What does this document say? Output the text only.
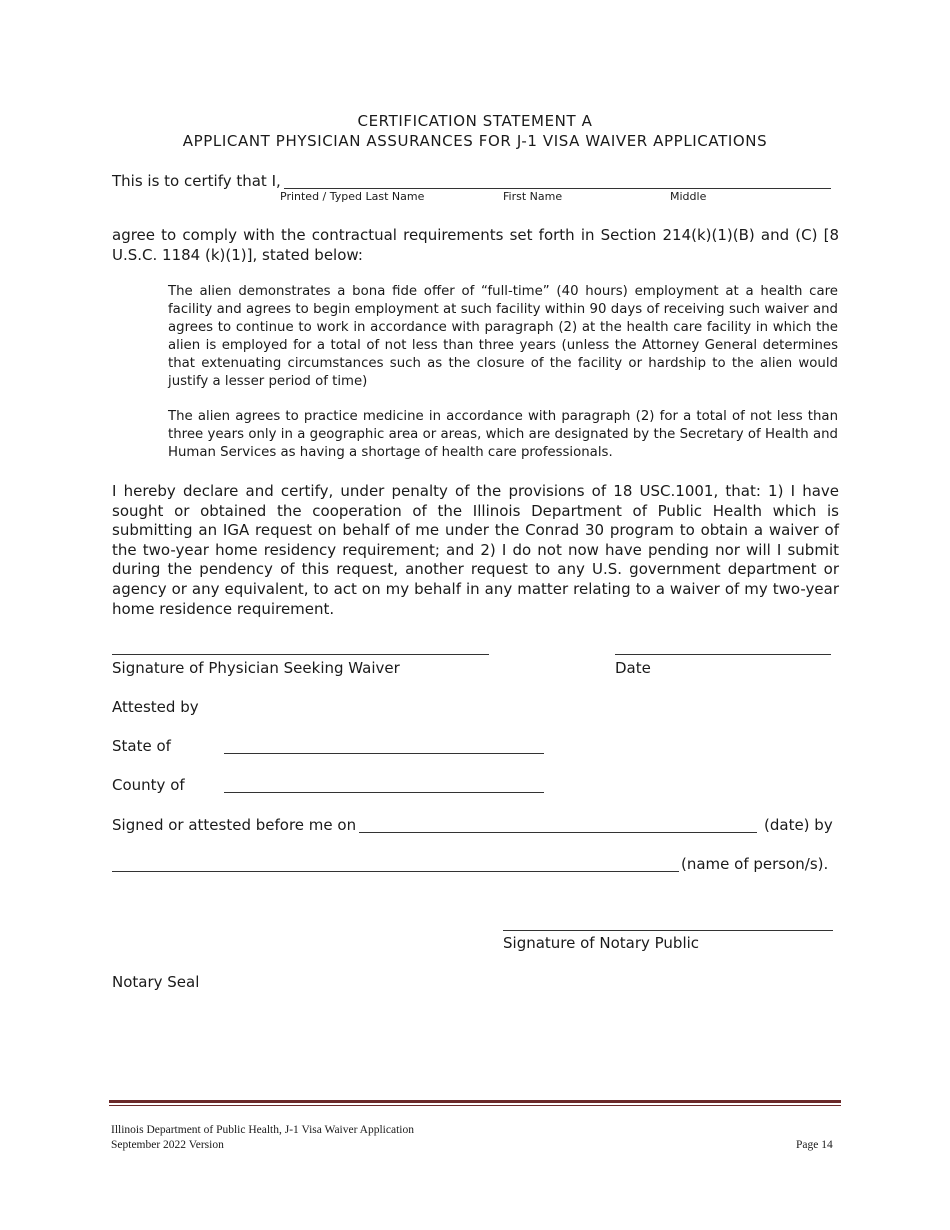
CERTIFICATION STATEMENT A
APPLICANT PHYSICIAN ASSURANCES FOR J-1 VISA WAIVER APPLICATIONS
This is to certify that I,
Printed / Typed Last Name	First Name	Middle
agree to comply with the contractual requirements set forth in Section 214(k)(1)(B) and (C) [8 U.S.C. 1184 (k)(1)], stated below:
The alien demonstrates a bona fide offer of “full-time” (40 hours) employment at a health care facility and agrees to begin employment at such facility within 90 days of receiving such waiver and agrees to continue to work in accordance with paragraph (2) at the health care facility in which the alien is employed for a total of not less than three years (unless the Attorney General determines that extenuating circumstances such as the closure of the facility or hardship to the alien would justify a lesser period of time)
The alien agrees to practice medicine in accordance with paragraph (2) for a total of not less than three years only in a geographic area or areas, which are designated by the Secretary of Health and Human Services as having a shortage of health care professionals.
I hereby declare and certify, under penalty of the provisions of 18 USC.1001, that: 1) I have sought or obtained the cooperation of the Illinois Department of Public Health which is submitting an IGA request on behalf of me under the Conrad 30 program to obtain a waiver of the two-year home residency requirement; and 2) I do not now have pending nor will I submit during the pendency of this request, another request to any U.S. government department or agency or any equivalent, to act on my behalf in any matter relating to a waiver of my two-year home residence requirement.
Signature of Physician Seeking Waiver	Date
Attested by
State of
County of
Signed or attested before me on	(date) by
(name of person/s).
Signature of Notary Public
Notary Seal
Illinois Department of Public Health, J-1 Visa Waiver Application
September 2022 Version	Page 14
